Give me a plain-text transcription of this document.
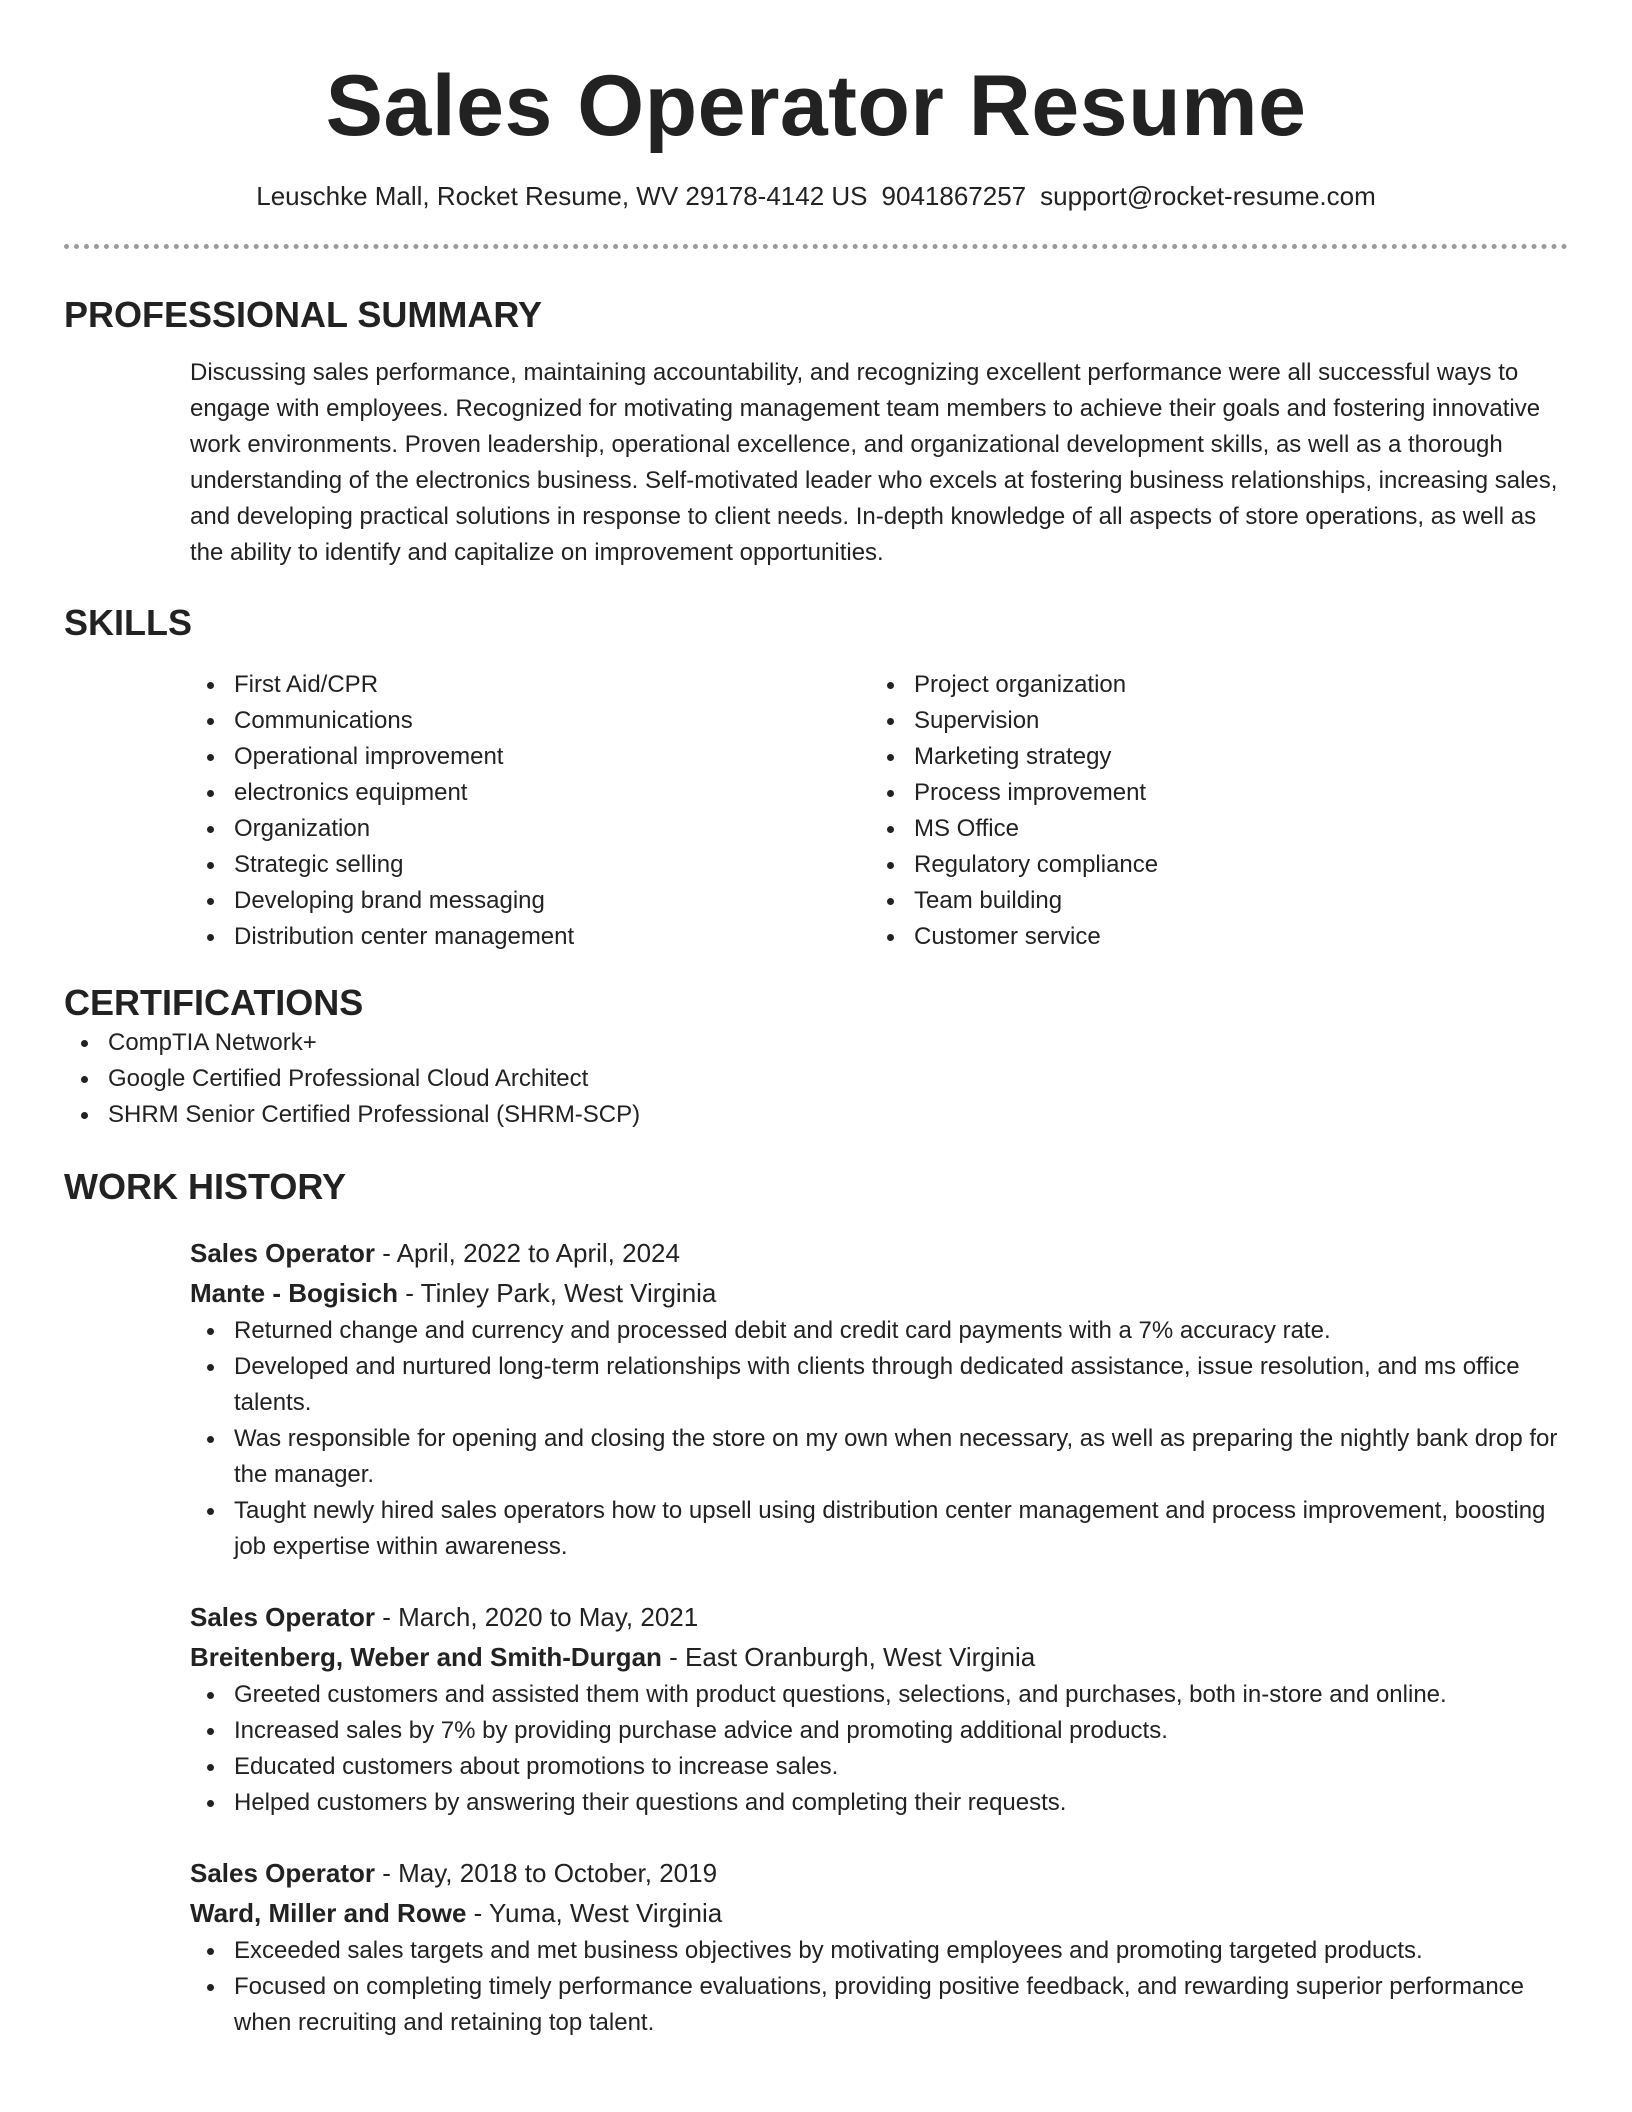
Sales Operator Resume
Leuschke Mall, Rocket Resume, WV 29178-4142 US 9041867257 support@rocket-resume.com
PROFESSIONAL SUMMARY

Discussing sales performance, maintaining accountability, and recognizing excellent performance were all successful ways to engage with employees. Recognized for motivating management team members to achieve their goals and fostering innovative work environments. Proven leadership, operational excellence, and organizational development skills, as well as a thorough understanding of the electronics business. Self-motivated leader who excels at fostering business relationships, increasing sales, and developing practical solutions in response to client needs. In-depth knowledge of all aspects of store operations, as well as the ability to identify and capitalize on improvement opportunities.

SKILLS
First Aid/CPR
Communications
Operational improvement
electronics equipment
Organization
Strategic selling
Developing brand messaging
Distribution center management
Project organization
Supervision
Marketing strategy
Process improvement
MS Office
Regulatory compliance
Team building
Customer service
CERTIFICATIONS
CompTIA Network+
Google Certified Professional Cloud Architect
SHRM Senior Certified Professional (SHRM-SCP)
WORK HISTORY
Sales Operator - April, 2022 to April, 2024
Mante - Bogisich - Tinley Park, West Virginia
Returned change and currency and processed debit and credit card payments with a 7% accuracy rate.
Developed and nurtured long-term relationships with clients through dedicated assistance, issue resolution, and ms office talents.
Was responsible for opening and closing the store on my own when necessary, as well as preparing the nightly bank drop for the manager.
Taught newly hired sales operators how to upsell using distribution center management and process improvement, boosting job expertise within awareness.
Sales Operator - March, 2020 to May, 2021
Breitenberg, Weber and Smith-Durgan - East Oranburgh, West Virginia
Greeted customers and assisted them with product questions, selections, and purchases, both in-store and online.
Increased sales by 7% by providing purchase advice and promoting additional products.
Educated customers about promotions to increase sales.
Helped customers by answering their questions and completing their requests.
Sales Operator - May, 2018 to October, 2019
Ward, Miller and Rowe - Yuma, West Virginia
Exceeded sales targets and met business objectives by motivating employees and promoting targeted products.
Focused on completing timely performance evaluations, providing positive feedback, and rewarding superior performance when recruiting and retaining top talent.
